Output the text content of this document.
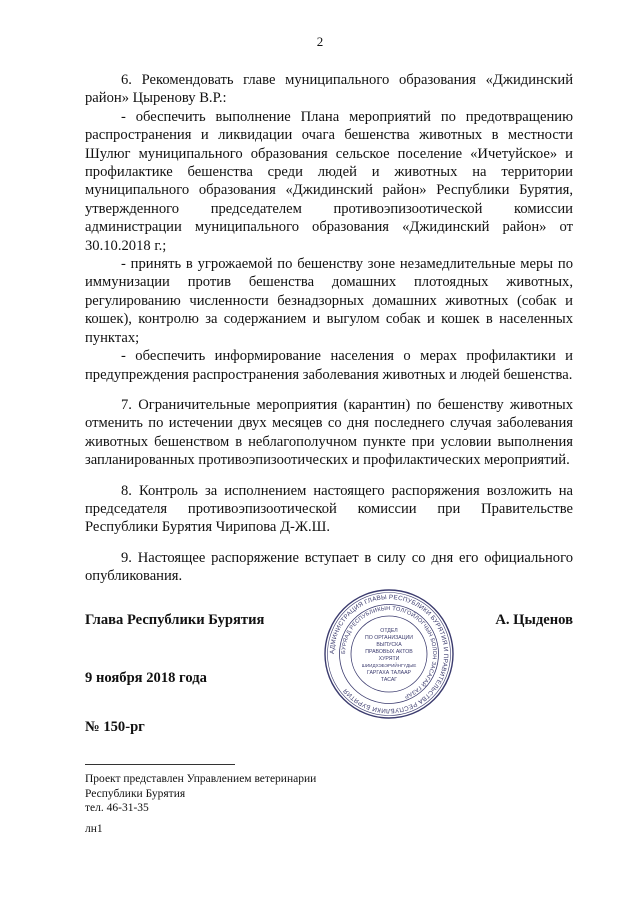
2

6. Рекомендовать главе муниципального образования «Джидинский район» Цыренову В.Р.:

- обеспечить выполнение Плана мероприятий по предотвращению распространения и ликвидации очага бешенства животных в местности Шулюг муниципального образования сельское поселение «Ичетуйское» и профилактике бешенства среди людей и животных на территории муниципального образования «Джидинский район» Республики Бурятия, утвержденного председателем противоэпизоотической комиссии администрации муниципального образования «Джидинский район» от 30.10.2018 г.;

- принять в угрожаемой по бешенству зоне незамедлительные меры по иммунизации против бешенства домашних плотоядных животных, регулированию численности безнадзорных домашних животных (собак и кошек), контролю за содержанием и выгулом собак и кошек в населенных пунктах;

- обеспечить информирование населения о мерах профилактики и предупреждения распространения заболевания животных и людей бешенства.

7. Ограничительные мероприятия (карантин) по бешенству животных отменить по истечении двух месяцев со дня последнего случая заболевания животных бешенством в неблагополучном пункте при условии выполнения запланированных противоэпизоотических и профилактических мероприятий.

8. Контроль за исполнением настоящего распоряжения возложить на председателя противоэпизоотической комиссии при Правительстве Республики Бурятия Чирипова Д-Ж.Ш.

9. Настоящее распоряжение вступает в силу со дня его официального опубликования.

Глава Республики Бурятия	А. Цыденов
АДМИНИСТРАЦИЯ ГЛАВЫ РЕСПУБЛИКИ БУРЯТИЯ И ПРАВИТЕЛЬСТВА РЕСПУБЛИКИ БУРЯТИЯ
БУРЯАД РЕСПУБЛИКЫН ТОЛГОЙЛОГЧЫН БОЛОН ЗАСАГАЙ ГАЗАР
ОТДЕЛ
ПО ОРГАНИЗАЦИИ
ВЫПУСКА
ПРАВОВЫХ АКТОВ
ХУРЯТИ
ШИИДХЭБЭРИЙНГҮДЫЕ
ГАРГАХА ТАЛААР
ТАСАГ
9 ноября 2018 года
№ 150-рг
Проект представлен Управлением ветеринарии
Республики Бурятия
тел. 46-31-35
лн1
